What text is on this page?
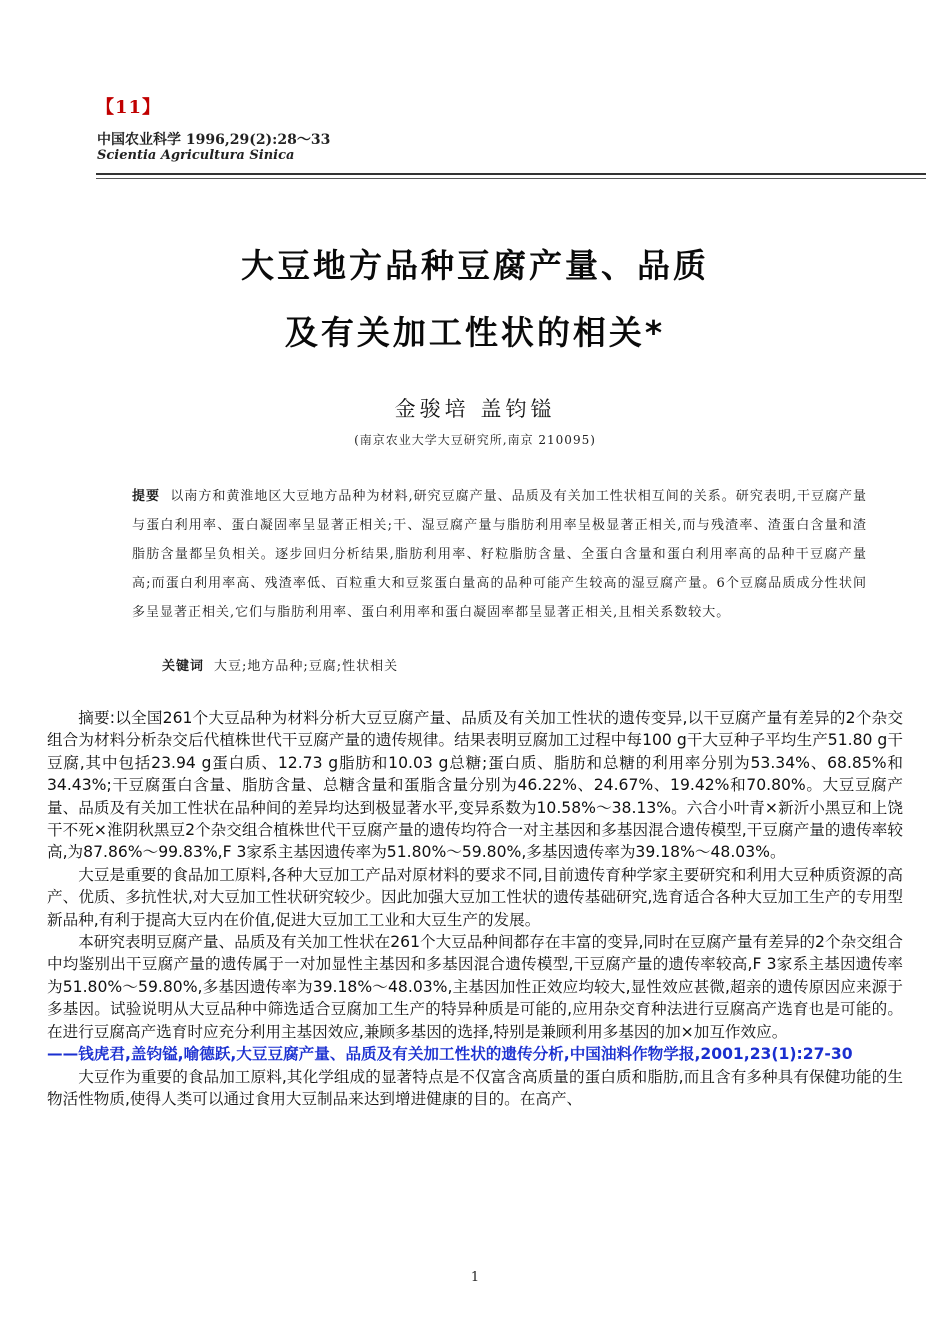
【11】
中国农业科学 1996,29(2):28～33
Scientia Agricultura Sinica
大豆地方品种豆腐产量、品质
及有关加工性状的相关*
金骏培 盖钧镒
(南京农业大学大豆研究所,南京 210095)
提要 以南方和黄淮地区大豆地方品种为材料,研究豆腐产量、品质及有关加工性状相互间的关系。研究表明,干豆腐产量与蛋白利用率、蛋白凝固率呈显著正相关;干、湿豆腐产量与脂肪利用率呈极显著正相关,而与残渣率、渣蛋白含量和渣脂肪含量都呈负相关。逐步回归分析结果,脂肪利用率、籽粒脂肪含量、全蛋白含量和蛋白利用率高的品种干豆腐产量高;而蛋白利用率高、残渣率低、百粒重大和豆浆蛋白量高的品种可能产生较高的湿豆腐产量。6个豆腐品质成分性状间多呈显著正相关,它们与脂肪利用率、蛋白利用率和蛋白凝固率都呈显著正相关,且相关系数较大。
关键词 大豆;地方品种;豆腐;性状相关

摘要:以全国261个大豆品种为材料分析大豆豆腐产量、品质及有关加工性状的遗传变异,以干豆腐产量有差异的2个杂交组合为材料分析杂交后代植株世代干豆腐产量的遗传规律。结果表明豆腐加工过程中每100 g干大豆种子平均生产51.80 g干豆腐,其中包括23.94 g蛋白质、12.73 g脂肪和10.03 g总糖;蛋白质、脂肪和总糖的利用率分别为53.34%、68.85%和34.43%;干豆腐蛋白含量、脂肪含量、总糖含量和蛋脂含量分别为46.22%、24.67%、19.42%和70.80%。大豆豆腐产量、品质及有关加工性状在品种间的差异均达到极显著水平,变异系数为10.58%～38.13%。六合小叶青×新沂小黑豆和上饶干不死×淮阴秋黑豆2个杂交组合植株世代干豆腐产量的遗传均符合一对主基因和多基因混合遗传模型,干豆腐产量的遗传率较高,为87.86%～99.83%,F 3家系主基因遗传率为51.80%～59.80%,多基因遗传率为39.18%～48.03%。

大豆是重要的食品加工原料,各种大豆加工产品对原材料的要求不同,目前遗传育种学家主要研究和利用大豆种质资源的高产、优质、多抗性状,对大豆加工性状研究较少。因此加强大豆加工性状的遗传基础研究,选育适合各种大豆加工生产的专用型新品种,有利于提高大豆内在价值,促进大豆加工工业和大豆生产的发展。

本研究表明豆腐产量、品质及有关加工性状在261个大豆品种间都存在丰富的变异,同时在豆腐产量有差异的2个杂交组合中均鉴别出干豆腐产量的遗传属于一对加显性主基因和多基因混合遗传模型,干豆腐产量的遗传率较高,F 3家系主基因遗传率为51.80%～59.80%,多基因遗传率为39.18%～48.03%,主基因加性正效应均较大,显性效应甚微,超亲的遗传原因应来源于多基因。试验说明从大豆品种中筛选适合豆腐加工生产的特异种质是可能的,应用杂交育种法进行豆腐高产选育也是可能的。在进行豆腐高产选育时应充分利用主基因效应,兼顾多基因的选择,特别是兼顾利用多基因的加×加互作效应。

——钱虎君,盖钧镒,喻德跃,大豆豆腐产量、品质及有关加工性状的遗传分析,中国油料作物学报,2001,23(1):27-30

大豆作为重要的食品加工原料,其化学组成的显著特点是不仅富含高质量的蛋白质和脂肪,而且含有多种具有保健功能的生物活性物质,使得人类可以通过食用大豆制品来达到增进健康的目的。在高产、

1
